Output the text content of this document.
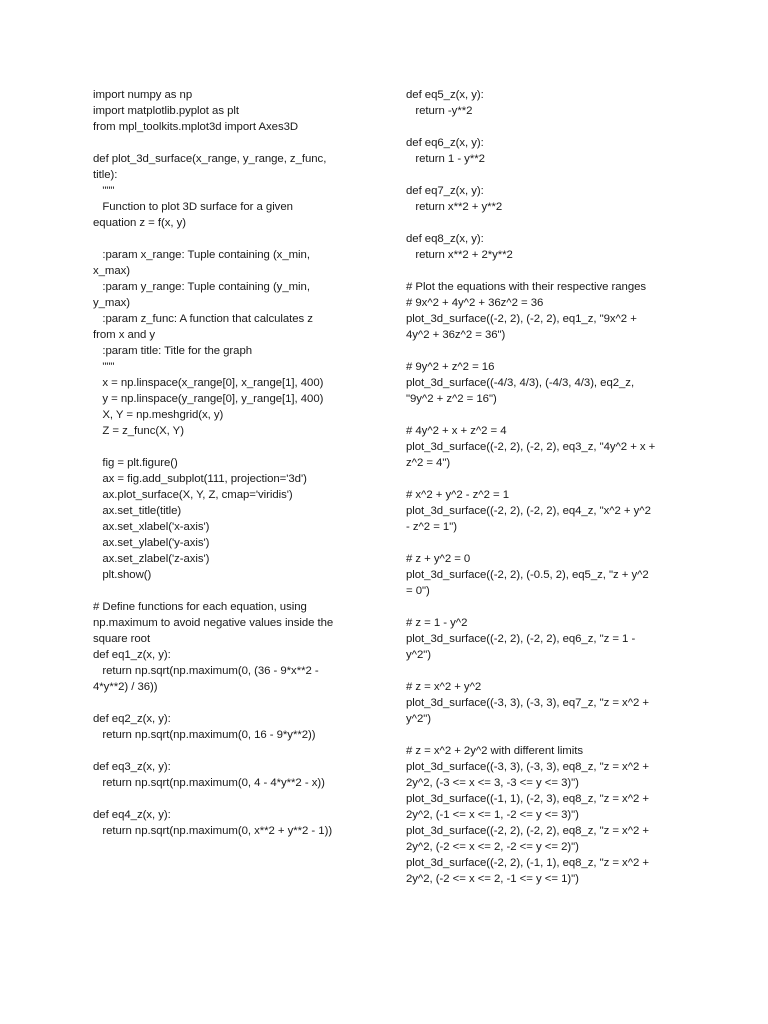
import numpy as np
import matplotlib.pyplot as plt
from mpl_toolkits.mplot3d import Axes3D
def plot_3d_surface(x_range, y_range, z_func,
title):
"""
Function to plot 3D surface for a given
equation z = f(x, y)
:param x_range: Tuple containing (x_min,
x_max)
:param y_range: Tuple containing (y_min,
y_max)
:param z_func: A function that calculates z
from x and y
:param title: Title for the graph
"""
x = np.linspace(x_range[0], x_range[1], 400)
y = np.linspace(y_range[0], y_range[1], 400)
X, Y = np.meshgrid(x, y)
Z = z_func(X, Y)
fig = plt.figure()
ax = fig.add_subplot(111, projection='3d')
ax.plot_surface(X, Y, Z, cmap='viridis')
ax.set_title(title)
ax.set_xlabel('x-axis')
ax.set_ylabel('y-axis')
ax.set_zlabel('z-axis')
plt.show()
# Define functions for each equation, using
np.maximum to avoid negative values inside the
square root
def eq1_z(x, y):
return np.sqrt(np.maximum(0, (36 - 9*x**2 -
4*y**2) / 36))
def eq2_z(x, y):
return np.sqrt(np.maximum(0, 16 - 9*y**2))
def eq3_z(x, y):
return np.sqrt(np.maximum(0, 4 - 4*y**2 - x))
def eq4_z(x, y):
return np.sqrt(np.maximum(0, x**2 + y**2 - 1))
def eq5_z(x, y):
return -y**2
def eq6_z(x, y):
return 1 - y**2
def eq7_z(x, y):
return x**2 + y**2
def eq8_z(x, y):
return x**2 + 2*y**2
# Plot the equations with their respective ranges
# 9x^2 + 4y^2 + 36z^2 = 36
plot_3d_surface((-2, 2), (-2, 2), eq1_z, "9x^2 +
4y^2 + 36z^2 = 36")
# 9y^2 + z^2 = 16
plot_3d_surface((-4/3, 4/3), (-4/3, 4/3), eq2_z,
"9y^2 + z^2 = 16")
# 4y^2 + x + z^2 = 4
plot_3d_surface((-2, 2), (-2, 2), eq3_z, "4y^2 + x +
z^2 = 4")
# x^2 + y^2 - z^2 = 1
plot_3d_surface((-2, 2), (-2, 2), eq4_z, "x^2 + y^2
- z^2 = 1")
# z + y^2 = 0
plot_3d_surface((-2, 2), (-0.5, 2), eq5_z, "z + y^2
= 0")
# z = 1 - y^2
plot_3d_surface((-2, 2), (-2, 2), eq6_z, "z = 1 -
y^2")
# z = x^2 + y^2
plot_3d_surface((-3, 3), (-3, 3), eq7_z, "z = x^2 +
y^2")
# z = x^2 + 2y^2 with different limits
plot_3d_surface((-3, 3), (-3, 3), eq8_z, "z = x^2 +
2y^2, (-3 <= x <= 3, -3 <= y <= 3)")
plot_3d_surface((-1, 1), (-2, 3), eq8_z, "z = x^2 +
2y^2, (-1 <= x <= 1, -2 <= y <= 3)")
plot_3d_surface((-2, 2), (-2, 2), eq8_z, "z = x^2 +
2y^2, (-2 <= x <= 2, -2 <= y <= 2)")
plot_3d_surface((-2, 2), (-1, 1), eq8_z, "z = x^2 +
2y^2, (-2 <= x <= 2, -1 <= y <= 1)")
